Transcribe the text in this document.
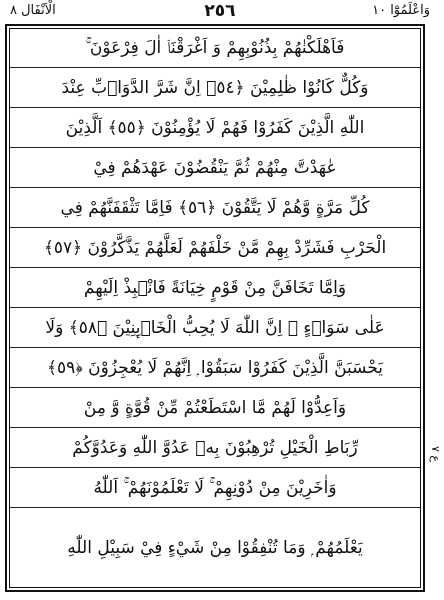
الْاَنْفَال ٨	٢٥٦	وَاعْلَمُوْٓا ١٠
فَاَهْلَكْنٰهُمْ بِذُنُوْبِهِمْ وَ اَغْرَقْنَاۤ اٰلَ فِرْعَوْنَ ۚ
وَكُلٌّ كَانُوْا ظٰلِمِيْنَ ﴿٥٤﴾ اِنَّ شَرَّ الدَّوَاۤبِّ عِنْدَ
اللّٰهِ الَّذِيْنَ كَفَرُوْا فَهُمْ لَا يُؤْمِنُوْنَ ﴿٥٥﴾ اَلَّذِيْنَ
عٰهَدْتَّ مِنْهُمْ ثُمَّ يَنْقُضُوْنَ عَهْدَهُمْ فِيْ
كُلِّ مَرَّةٍ وَّهُمْ لَا يَتَّقُوْنَ ﴿٥٦﴾ فَاِمَّا تَثْقَفَنَّهُمْ فِي
الْحَرْبِ فَشَرِّدْ بِهِمْ مَّنْ خَلْفَهُمْ لَعَلَّهُمْ يَذَّكَّرُوْنَ ﴿٥٧﴾
وَاِمَّا تَخَافَنَّ مِنْ قَوْمٍ خِيَانَةً فَانْۢبِذْ اِلَيْهِمْ
عَلٰى سَوَاۤءٍ ۭ اِنَّ اللّٰهَ لَا يُحِبُّ الْخَاۤىِٕنِيْنَ ﴿٥٨﴾ وَلَا
يَحْسَبَنَّ الَّذِيْنَ كَفَرُوْا سَبَقُوْا ۭ اِنَّهُمْ لَا يُعْجِزُوْنَ ﴿٥٩﴾
وَاَعِدُّوْا لَهُمْ مَّا اسْتَطَعْتُمْ مِّنْ قُوَّةٍ وَّ مِنْ
رِّبَاطِ الْخَيْلِ تُرْهِبُوْنَ بِهٖ عَدُوَّ اللّٰهِ وَعَدُوَّكُمْ
وَاٰخَرِيْنَ مِنْ دُوْنِهِمْ ۚ لَا تَعْلَمُوْنَهُمْ ۚ اَللّٰهُ
يَعْلَمُهُمْ ۭ وَمَا تُنْفِقُوْا مِنْ شَيْءٍ فِيْ سَبِيْلِ اللّٰهِ
ع ٧
